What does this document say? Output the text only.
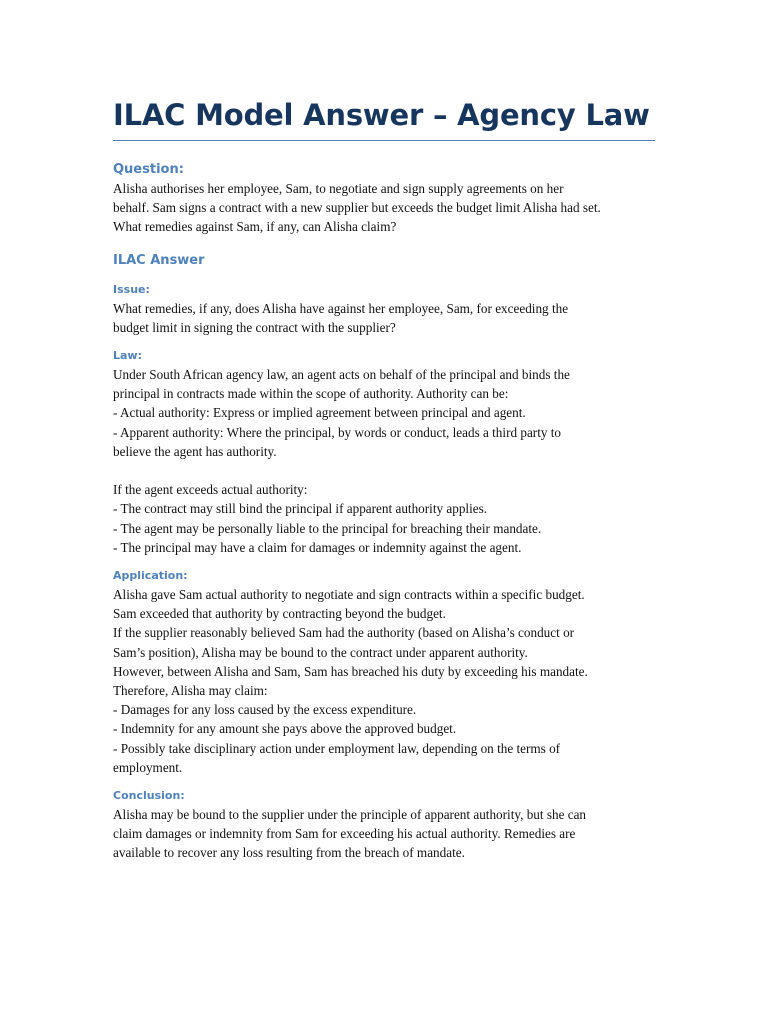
ILAC Model Answer – Agency Law
Question:

Alisha authorises her employee, Sam, to negotiate and sign supply agreements on her
behalf. Sam signs a contract with a new supplier but exceeds the budget limit Alisha had set.
What remedies against Sam, if any, can Alisha claim?

ILAC Answer
Issue:

What remedies, if any, does Alisha have against her employee, Sam, for exceeding the
budget limit in signing the contract with the supplier?

Law:

Under South African agency law, an agent acts on behalf of the principal and binds the
principal in contracts made within the scope of authority. Authority can be:
- Actual authority: Express or implied agreement between principal and agent.
- Apparent authority: Where the principal, by words or conduct, leads a third party to
believe the agent has authority.
If the agent exceeds actual authority:
- The contract may still bind the principal if apparent authority applies.
- The agent may be personally liable to the principal for breaching their mandate.
- The principal may have a claim for damages or indemnity against the agent.

Application:

Alisha gave Sam actual authority to negotiate and sign contracts within a specific budget.
Sam exceeded that authority by contracting beyond the budget.
If the supplier reasonably believed Sam had the authority (based on Alisha’s conduct or
Sam’s position), Alisha may be bound to the contract under apparent authority.
However, between Alisha and Sam, Sam has breached his duty by exceeding his mandate.
Therefore, Alisha may claim:
- Damages for any loss caused by the excess expenditure.
- Indemnity for any amount she pays above the approved budget.
- Possibly take disciplinary action under employment law, depending on the terms of
employment.

Conclusion:

Alisha may be bound to the supplier under the principle of apparent authority, but she can
claim damages or indemnity from Sam for exceeding his actual authority. Remedies are
available to recover any loss resulting from the breach of mandate.
